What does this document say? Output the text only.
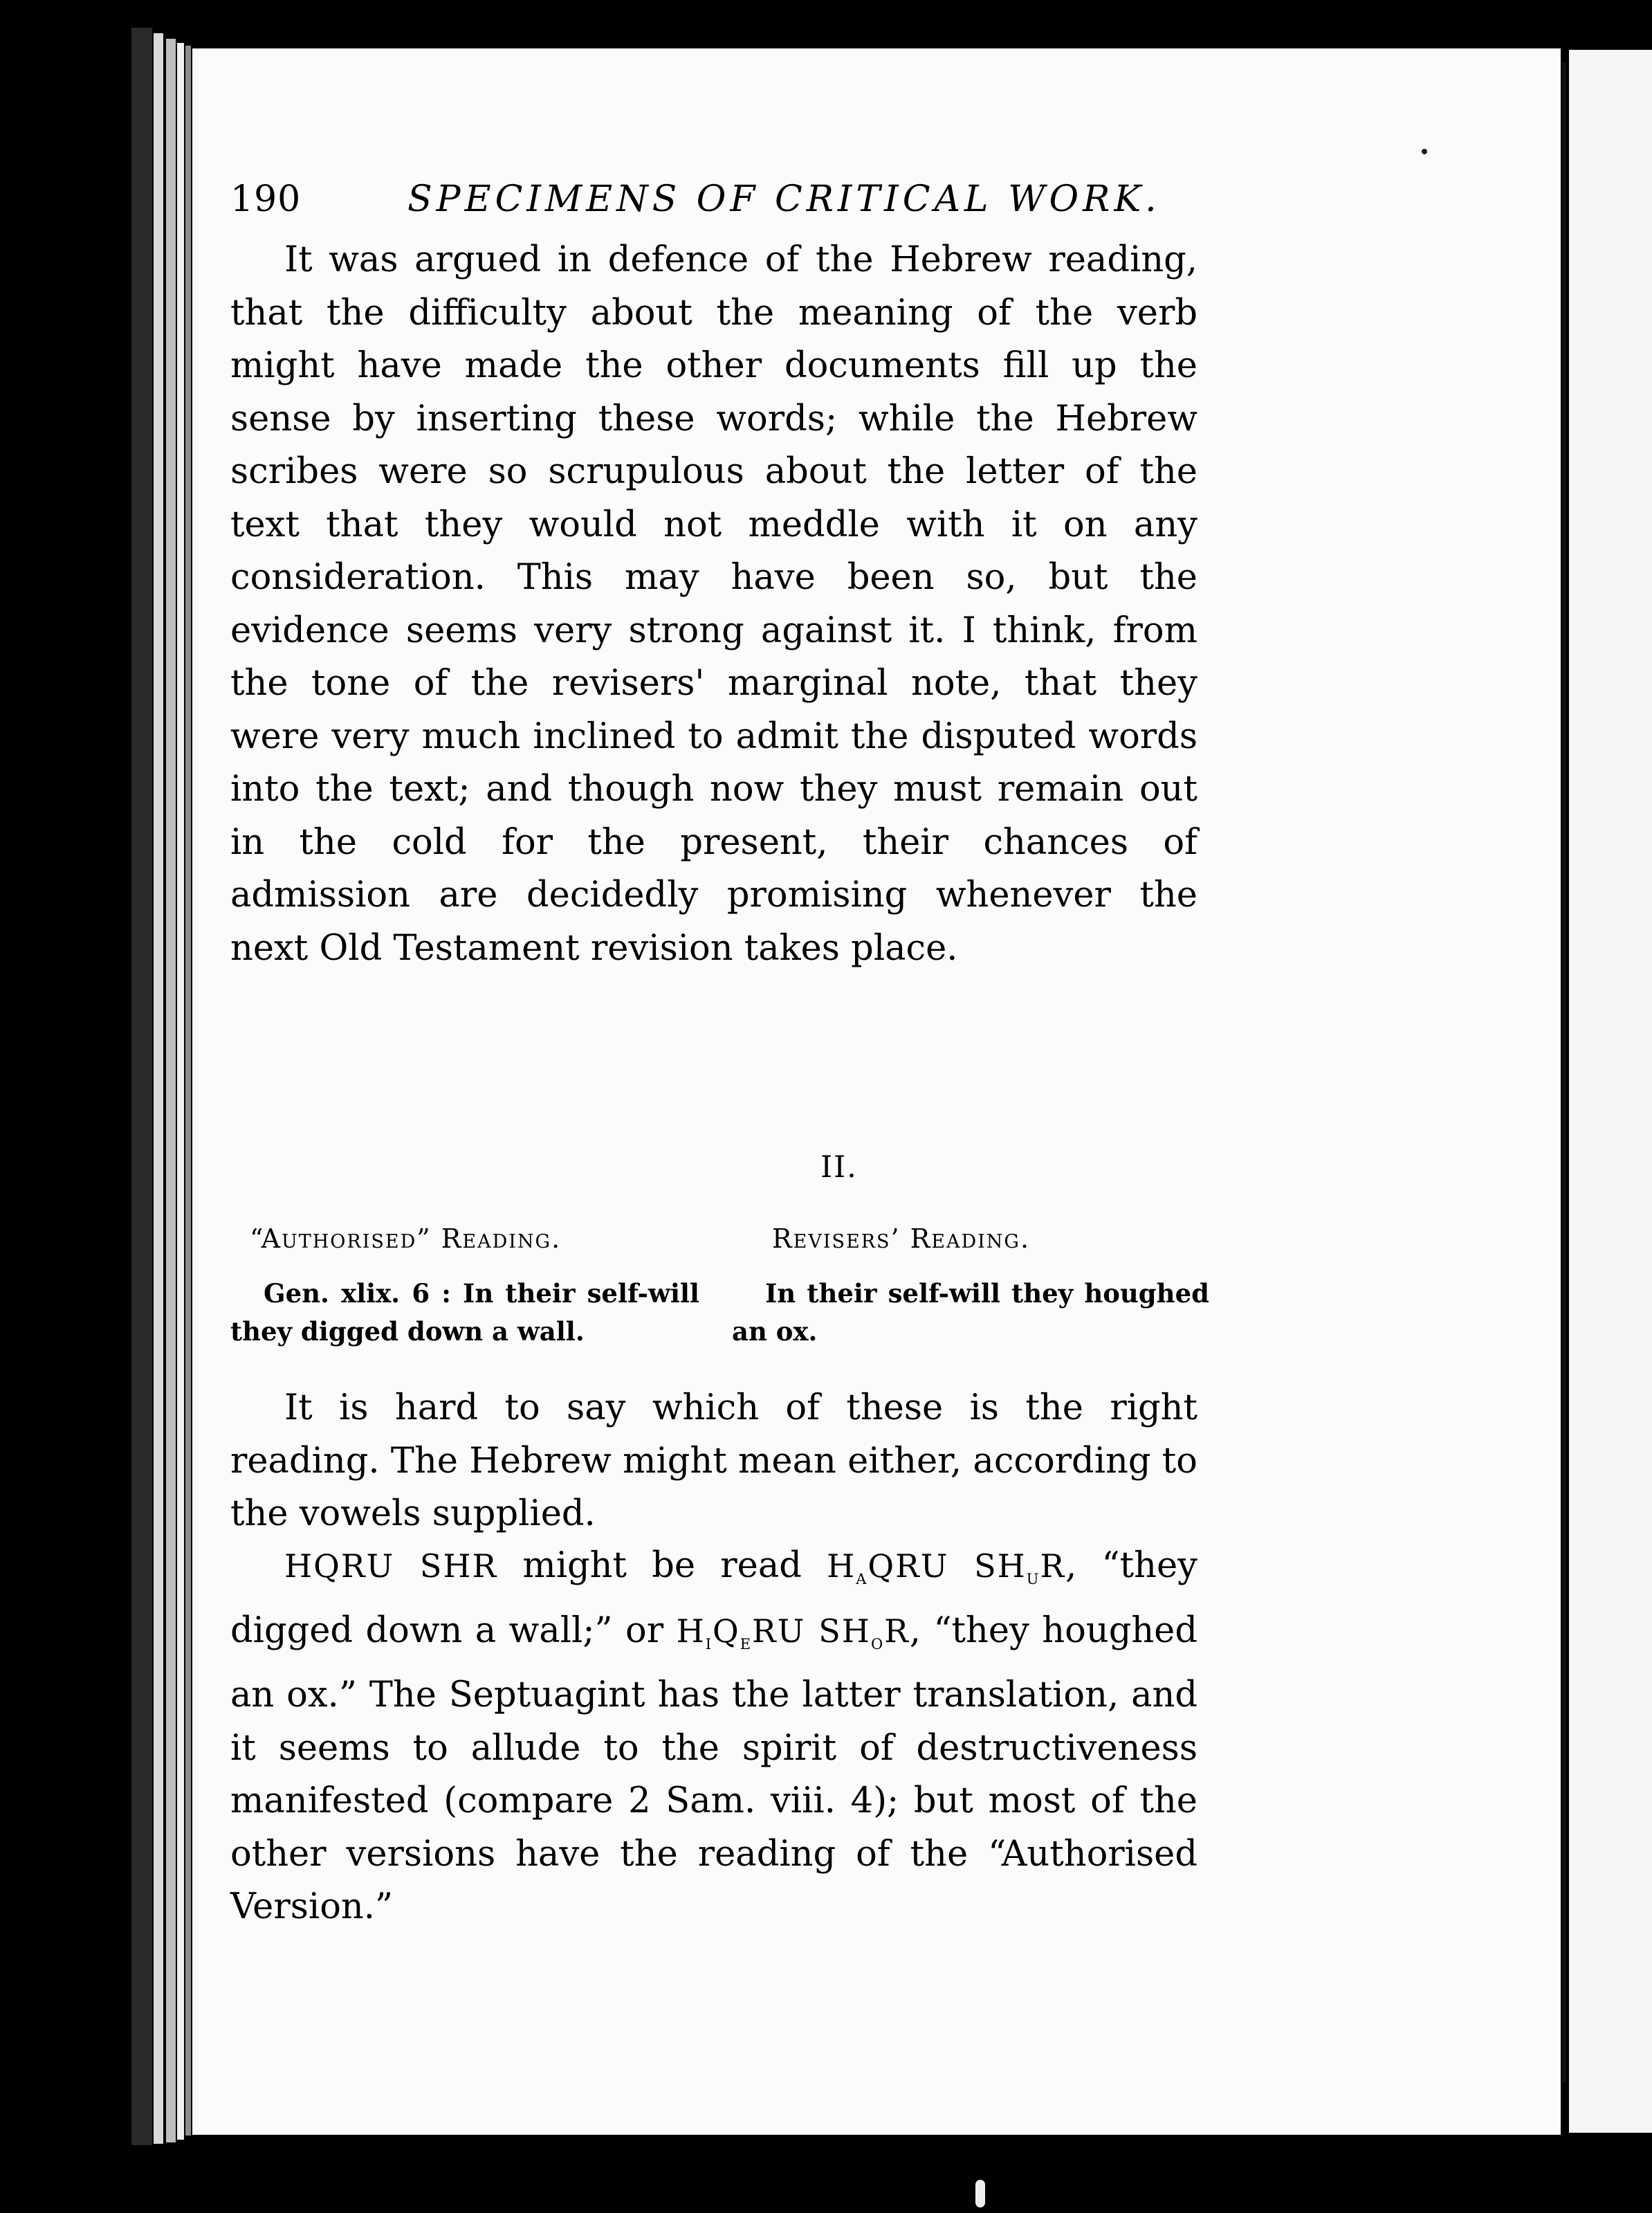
190	SPECIMENS OF CRITICAL WORK.

It was argued in defence of the Hebrew reading, that the difficulty about the meaning of the verb might have made the other documents fill up the sense by inserting these words; while the Hebrew scribes were so scrupulous about the letter of the text that they would not meddle with it on any consideration. This may have been so, but the evidence seems very strong against it. I think, from the tone of the revisers' marginal note, that they were very much inclined to admit the disputed words into the text; and though now they must remain out in the cold for the present, their chances of admission are decidedly promising whenever the next Old Testament revision takes place.

II.
“Authorised” Reading.	Revisers’ Reading.
Gen. xlix. 6 : In their self-will they digged down a wall.
In their self-will they houghed an ox.

It is hard to say which of these is the right reading. The Hebrew might mean either, according to the vowels supplied.

HQRU SHR might be read $H_aQRU$ $SH_uR$, “they digged down a wall;” or $H_iQ_eRU$ $SH_oR$, “they houghed an ox.” The Septuagint has the latter translation, and it seems to allude to the spirit of destructiveness manifested (compare 2 Sam. viii. 4); but most of the other versions have the reading of the “Authorised Version.”
